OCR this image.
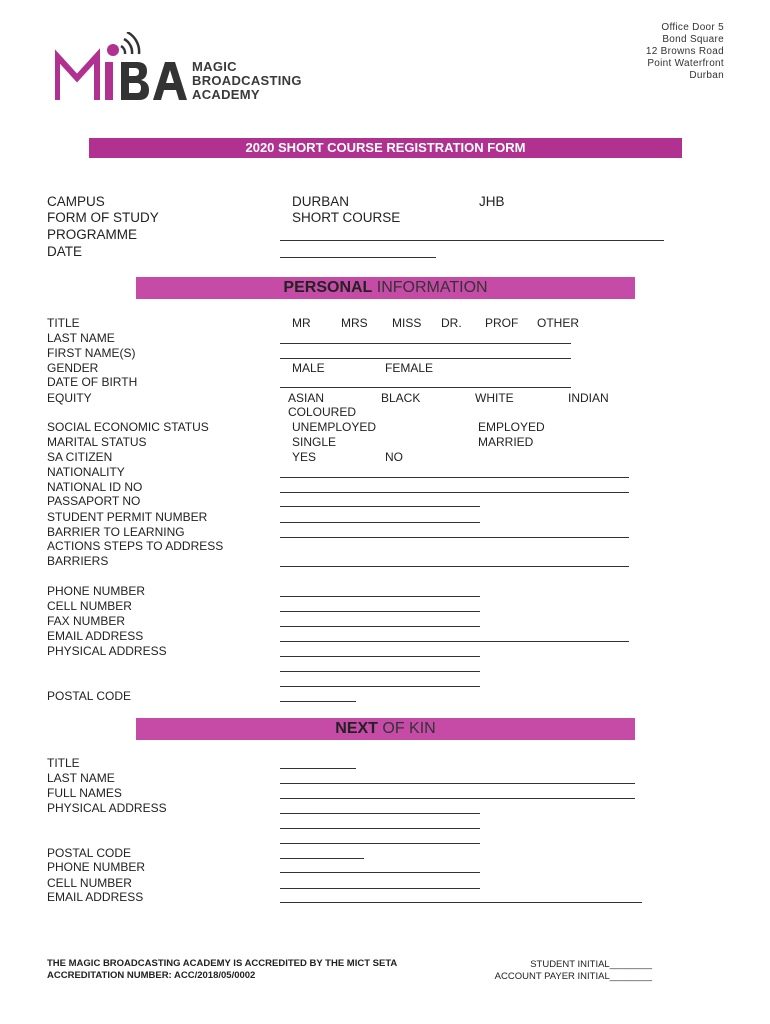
Office Door 5
Bond Square
12 Browns Road
Point Waterfront
Durban
MAGIC
BROADCASTING
ACADEMY
2020 SHORT COURSE REGISTRATION FORM
CAMPUS	DURBAN	JHB
FORM OF STUDY	SHORT COURSE
PROGRAMME
DATE
PERSONAL INFORMATION
TITLE	MR	MRS MISS DR. PROF OTHER
LAST NAME
FIRST NAME(S)
GENDER	MALE	FEMALE
DATE OF BIRTH
EQUITY	ASIAN	BLACK	WHITE	INDIAN
COLOURED
SOCIAL ECONOMIC STATUS	UNEMPLOYED	EMPLOYED
MARITAL STATUS	SINGLE	MARRIED
SA CITIZEN	YES	NO
NATIONALITY
NATIONAL ID NO
PASSAPORT NO
STUDENT PERMIT NUMBER
BARRIER TO LEARNING
ACTIONS STEPS TO ADDRESS
BARRIERS
PHONE NUMBER
CELL NUMBER
FAX NUMBER
EMAIL ADDRESS
PHYSICAL ADDRESS
POSTAL CODE
NEXT OF KIN
TITLE
LAST NAME
FULL NAMES
PHYSICAL ADDRESS
POSTAL CODE
PHONE NUMBER
CELL NUMBER
EMAIL ADDRESS
THE MAGIC BROADCASTING ACADEMY IS ACCREDITED BY THE MICT SETA
ACCREDITATION NUMBER: ACC/2018/05/0002
STUDENT INITIAL________
ACCOUNT PAYER INITIAL________
